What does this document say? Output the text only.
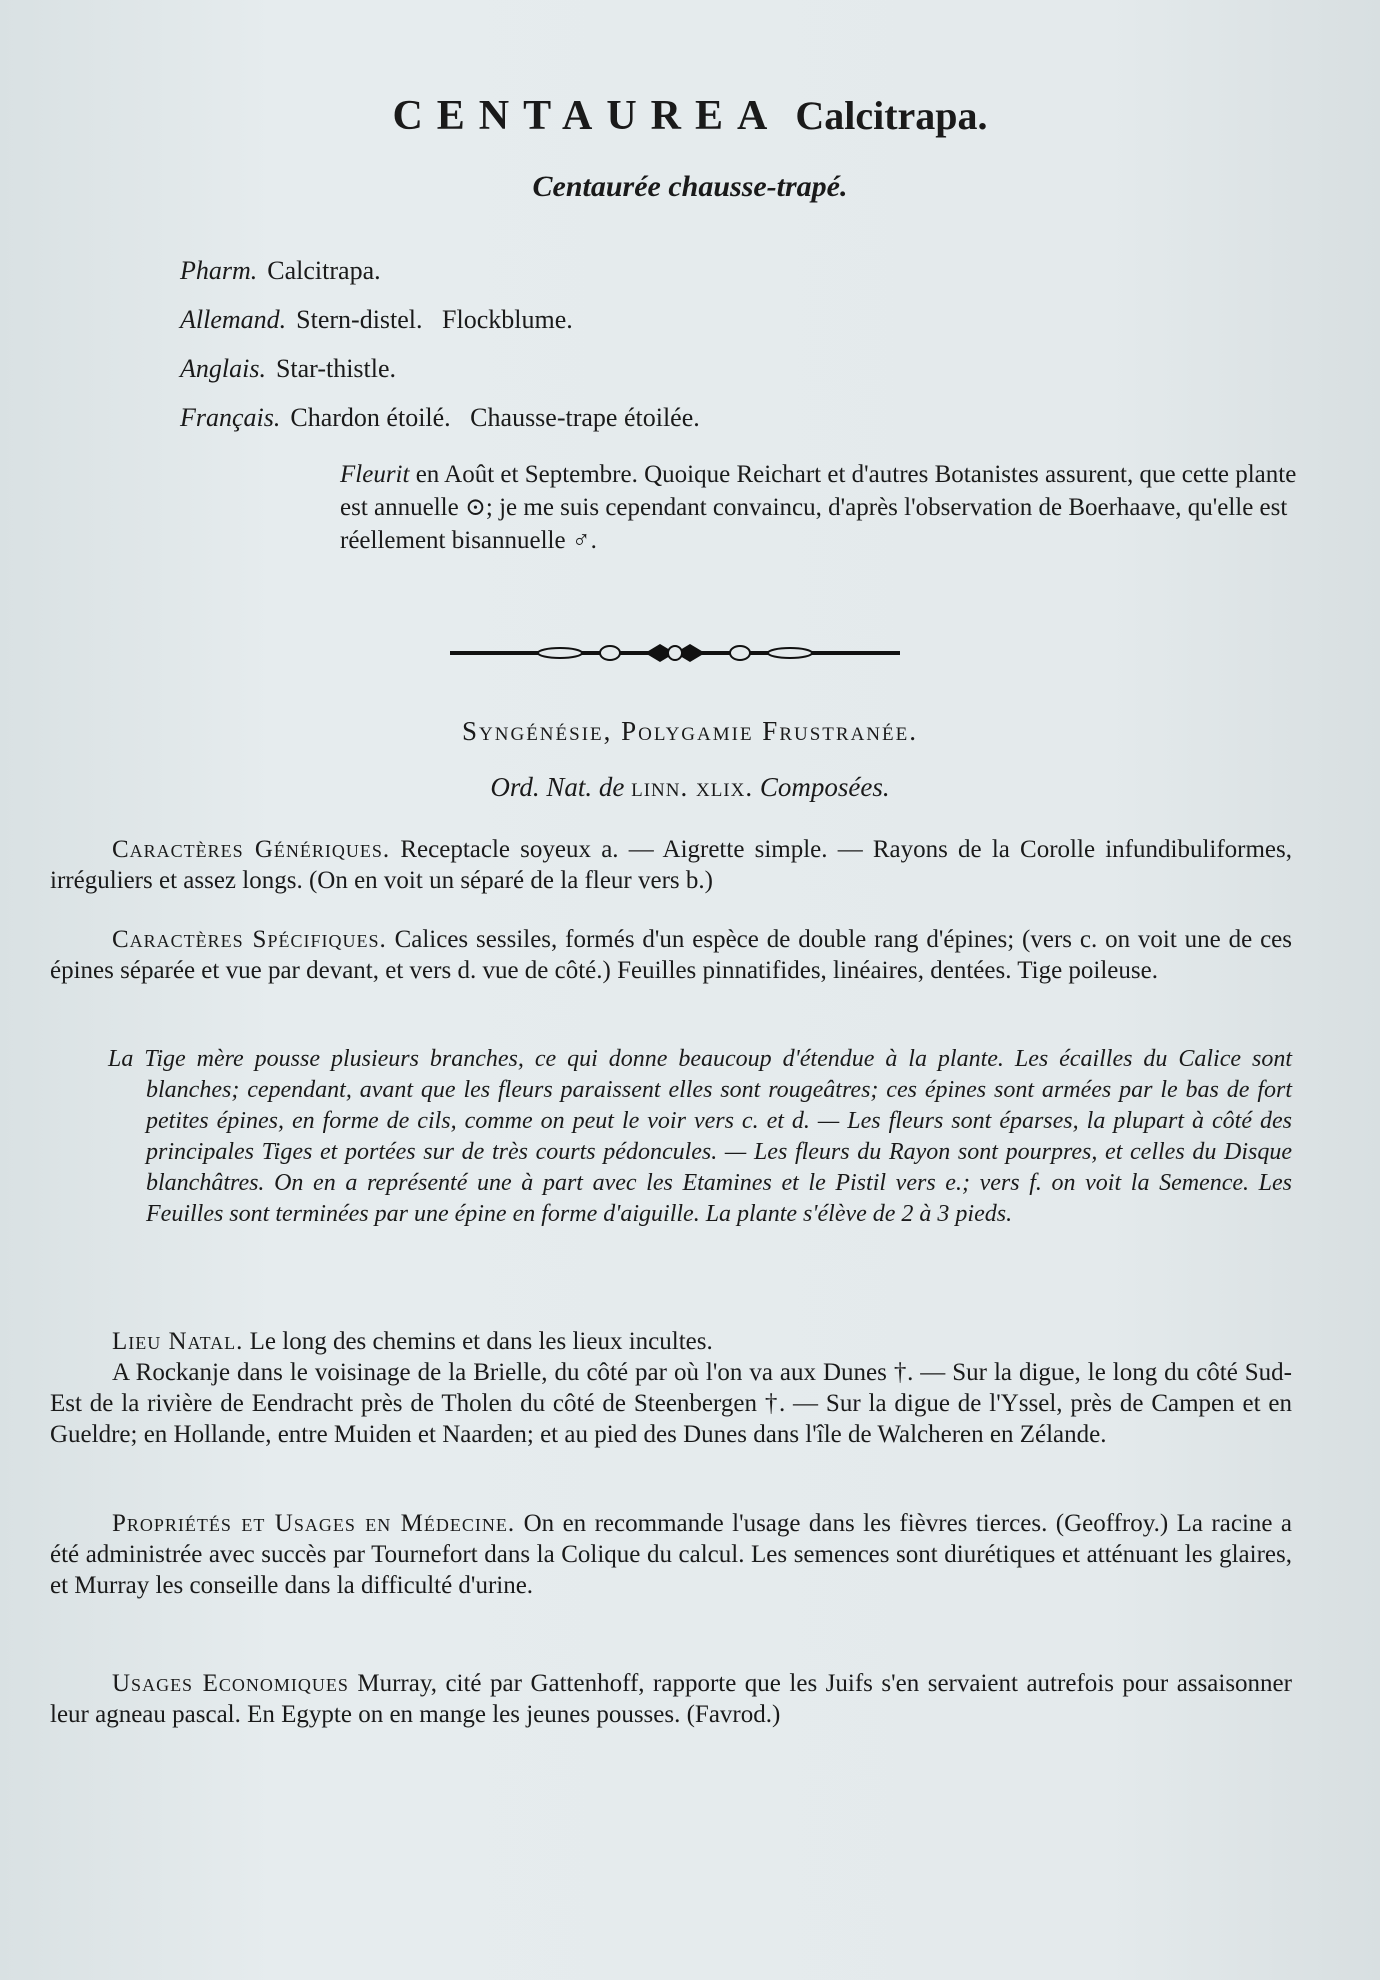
CENTAUREA Calcitrapa.
Centaurée chausse-trapé.
Pharm. Calcitrapa.
Allemand. Stern-distel.   Flockblume.
Anglais. Star-thistle.
Français. Chardon étoilé.   Chausse-trape étoilée.
Fleurit en Août et Septembre. Quoique Reichart et d'autres Botanistes assurent, que cette plante est annuelle ⊙; je me suis cependant convaincu, d'après l'observation de Boerhaave, qu'elle est réellement bisannuelle ♂.
Syngénésie, Polygamie Frustranée.
Ord. Nat. de linn. xlix. Composées.

Caractères Génériques. Receptacle soyeux a. — Aigrette simple. — Rayons de la Corolle infundibuliformes, irréguliers et assez longs. (On en voit un séparé de la fleur vers b.)

Caractères Spécifiques. Calices sessiles, formés d'un espèce de double rang d'épines; (vers c. on voit une de ces épines séparée et vue par devant, et vers d. vue de côté.) Feuilles pinnatifides, linéaires, dentées. Tige poileuse.

La Tige mère pousse plusieurs branches, ce qui donne beaucoup d'étendue à la plante. Les écailles du Calice sont blanches; cependant, avant que les fleurs paraissent elles sont rougeâtres; ces épines sont armées par le bas de fort petites épines, en forme de cils, comme on peut le voir vers c. et d. — Les fleurs sont éparses, la plupart à côté des principales Tiges et portées sur de très courts pédoncules. — Les fleurs du Rayon sont pourpres, et celles du Disque blanchâtres. On en a représenté une à part avec les Etamines et le Pistil vers e.; vers f. on voit la Semence. Les Feuilles sont terminées par une épine en forme d'aiguille. La plante s'élève de 2 à 3 pieds.

Lieu Natal. Le long des chemins et dans les lieux incultes.

A Rockanje dans le voisinage de la Brielle, du côté par où l'on va aux Dunes †. — Sur la digue, le long du côté Sud-Est de la rivière de Eendracht près de Tholen du côté de Steenbergen †. — Sur la digue de l'Yssel, près de Campen et en Gueldre; en Hollande, entre Muiden et Naarden; et au pied des Dunes dans l'île de Walcheren en Zélande.

Propriétés et Usages en Médecine. On en recommande l'usage dans les fièvres tierces. (Geoffroy.) La racine a été administrée avec succès par Tournefort dans la Colique du calcul. Les semences sont diurétiques et atténuant les glaires, et Murray les conseille dans la difficulté d'urine.

Usages Economiques Murray, cité par Gattenhoff, rapporte que les Juifs s'en servaient autrefois pour assaisonner leur agneau pascal. En Egypte on en mange les jeunes pousses. (Favrod.)
